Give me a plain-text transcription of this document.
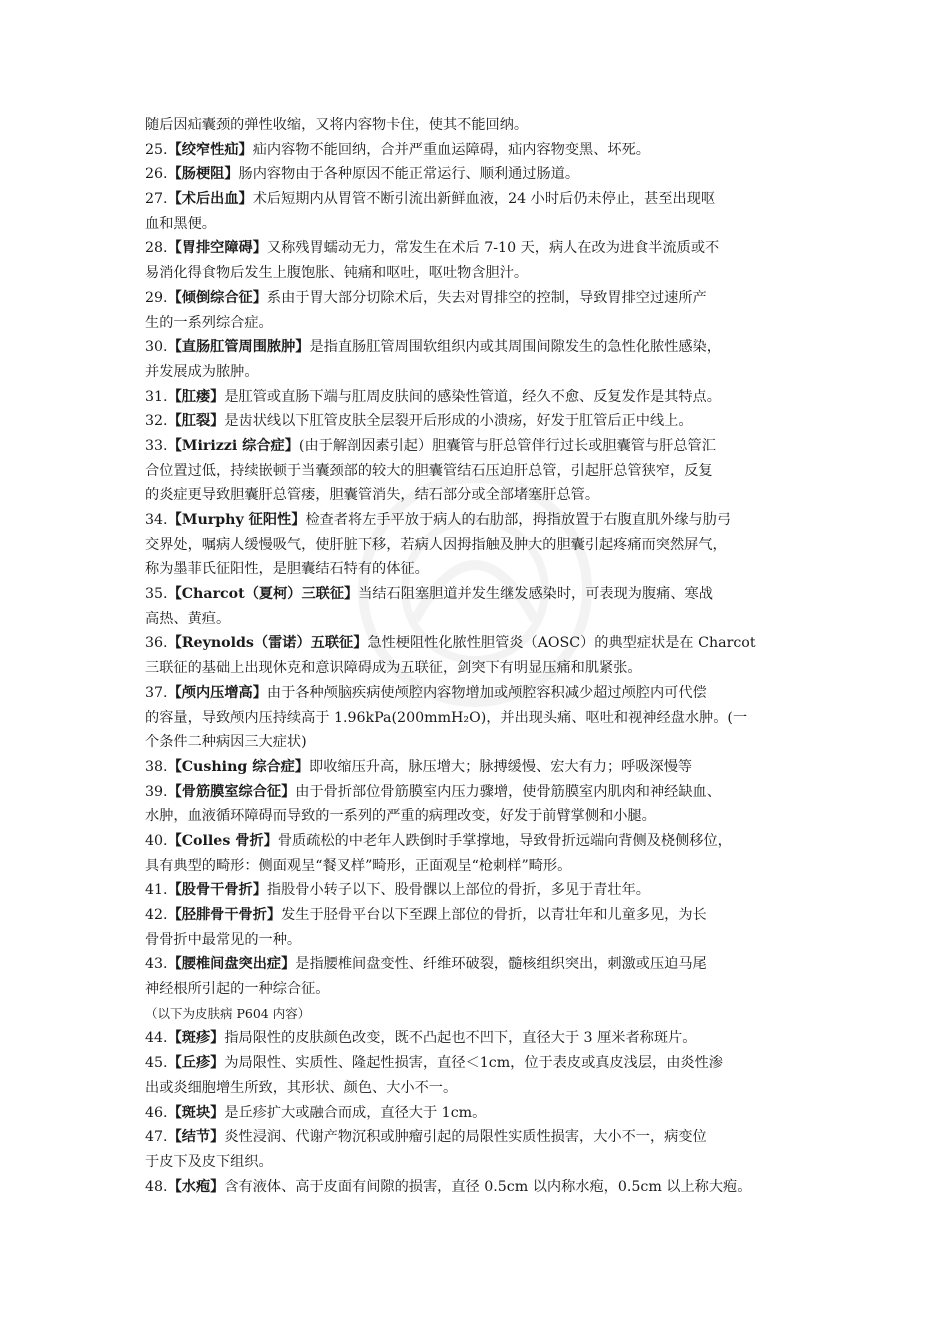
随后因疝囊颈的弹性收缩，又将内容物卡住，使其不能回纳。
25.【绞窄性疝】疝内容物不能回纳，合并严重血运障碍，疝内容物变黑、坏死。
26.【肠梗阻】肠内容物由于各种原因不能正常运行、顺利通过肠道。
27.【术后出血】术后短期内从胃管不断引流出新鲜血液，24 小时后仍未停止，甚至出现呕
血和黑便。
28.【胃排空障碍】又称残胃蠕动无力，常发生在术后 7-10 天，病人在改为进食半流质或不
易消化得食物后发生上腹饱胀、钝痛和呕吐，呕吐物含胆汁。
29.【倾倒综合征】系由于胃大部分切除术后，失去对胃排空的控制，导致胃排空过速所产
生的一系列综合症。
30.【直肠肛管周围脓肿】是指直肠肛管周围软组织内或其周围间隙发生的急性化脓性感染，
并发展成为脓肿。
31.【肛瘘】是肛管或直肠下端与肛周皮肤间的感染性管道，经久不愈、反复发作是其特点。
32.【肛裂】是齿状线以下肛管皮肤全层裂开后形成的小溃疡，好发于肛管后正中线上。
33.【Mirizzi 综合症】(由于解剖因素引起）胆囊管与肝总管伴行过长或胆囊管与肝总管汇
合位置过低，持续嵌顿于当囊颈部的较大的胆囊管结石压迫肝总管，引起肝总管狭窄，反复
的炎症更导致胆囊肝总管瘘，胆囊管消失，结石部分或全部堵塞肝总管。
34.【Murphy 征阳性】检查者将左手平放于病人的右肋部，拇指放置于右腹直肌外缘与肋弓
交界处，嘱病人缓慢吸气，使肝脏下移，若病人因拇指触及肿大的胆囊引起疼痛而突然屏气，
称为墨菲氏征阳性，是胆囊结石特有的体征。
35.【Charcot（夏柯）三联征】当结石阻塞胆道并发生继发感染时，可表现为腹痛、寒战
高热、黄疸。
36.【Reynolds（雷诺）五联征】急性梗阻性化脓性胆管炎（AOSC）的典型症状是在 Charcot
三联征的基础上出现休克和意识障碍成为五联征，剑突下有明显压痛和肌紧张。
37.【颅内压增高】由于各种颅脑疾病使颅腔内容物增加或颅腔容积减少超过颅腔内可代偿
的容量，导致颅内压持续高于 1.96kPa(200mmH₂O)，并出现头痛、呕吐和视神经盘水肿。(一
个条件二种病因三大症状)
38.【Cushing 综合症】即收缩压升高，脉压增大；脉搏缓慢、宏大有力；呼吸深慢等
39.【骨筋膜室综合征】由于骨折部位骨筋膜室内压力骤增，使骨筋膜室内肌肉和神经缺血、
水肿，血液循环障碍而导致的一系列的严重的病理改变，好发于前臂掌侧和小腿。
40.【Colles 骨折】骨质疏松的中老年人跌倒时手掌撑地，导致骨折远端向背侧及桡侧移位，
具有典型的畸形：侧面观呈“餐叉样”畸形，正面观呈“枪刺样”畸形。
41.【股骨干骨折】指股骨小转子以下、股骨髁以上部位的骨折，多见于青壮年。
42.【胫腓骨干骨折】发生于胫骨平台以下至踝上部位的骨折，以青壮年和儿童多见，为长
骨骨折中最常见的一种。
43.【腰椎间盘突出症】是指腰椎间盘变性、纤维环破裂，髓核组织突出，刺激或压迫马尾
神经根所引起的一种综合征。
（以下为皮肤病 P604 内容）
44.【斑疹】指局限性的皮肤颜色改变，既不凸起也不凹下，直径大于 3 厘米者称斑片。
45.【丘疹】为局限性、实质性、隆起性损害，直径＜1cm，位于表皮或真皮浅层，由炎性渗
出或炎细胞增生所致，其形状、颜色、大小不一。
46.【斑块】是丘疹扩大或融合而成，直径大于 1cm。
47.【结节】炎性浸润、代谢产物沉积或肿瘤引起的局限性实质性损害，大小不一，病变位
于皮下及皮下组织。
48.【水疱】含有液体、高于皮面有间隙的损害，直径 0.5cm 以内称水疱，0.5cm 以上称大疱。
